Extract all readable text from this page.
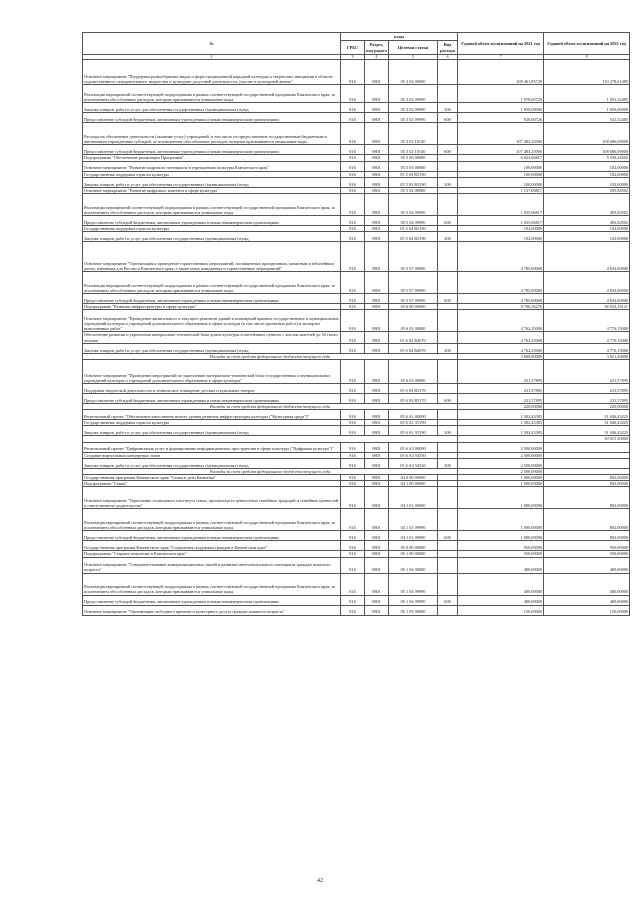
№	коды				Годовой объем ассигнований на 2021 год	Годовой объем ассигнований на 2022 год
	ГРБС	Раздел, под-раздел	Целевая статья	Вид расхода		
2	3	4	5	6	7	8
Основное мероприятие "Поддержка разнообразных видов и форм традиционной народной культуры и творческих инициатив в области художественного самодеятельного творчества и культурно-досуговой деятельности, участие в культурной жизни"	816	0801	05 3 02 00000		109 461,85720	110 278,01485
Реализация мероприятий соответствующей подпрограммы в рамках соответствующей государственной программы Камчатского края, за исключением обособленных расходов, которым присваиваются уникальные коды	816	0801	05 3 02 09990		1 978,60720	1 591,32485
Закупка товаров, работ и услуг для обеспечения государственных (муниципальных) нужд	816	0801	05 3 02 09990	200	1 050,00000	1 050,00000
Предоставление субсидий бюджетным, автономным учреждениям и иным некоммерческим организациям	816	0801	05 3 02 09990	600	928,60720	541,32485
Расходы на обеспечение деятельности (оказание услуг) учреждений, в том числе на предоставление государственным бюджетным и автономным учреждениям субсидий, за исключением обособленных расходов, которым присваиваются уникальные коды	816	0801	05 3 02 10140		107 483,25000	108 686,69000
Предоставление субсидий бюджетным, автономным учреждениям и иным некоммерческим организациям	816	0801	05 3 02 10140	600	107 483,25000	108 686,69000
Подпрограмма "Обеспечение реализации Программы"	816	0801	05 5 00 00000		6 023,06817	5 539,24502
Основное мероприятие "Развитие кадрового потенциала в учреждениях культуры Камчатского края"	816	0801	05 5 03 00000		100,00000	102,00000
Государственная поддержка отрасли культуры	816	0801	05 5 03 R5190		100,00000	102,00000
Закупка товаров, работ и услуг для обеспечения государственных (муниципальных) нужд	816	0801	05 5 03 R5190	200	100,00000	102,00000
Основное мероприятие "Развитие цифрового контента в сфере культуры"	816	0801	05 5 04 00000		1 137,06817	595,84502
Реализация мероприятий соответствующей подпрограммы в рамках соответствующей государственной программы Камчатского края, за исключением обособленных расходов, которым присваиваются уникальные коды	816	0801	05 5 04 09990		1 035,06817	493,84502
Предоставление субсидий бюджетным, автономным учреждениям и иным некоммерческим организациям	816	0801	05 5 04 09990	600	1 035,06817	493,84502
Государственная поддержка отрасли культуры	816	0801	05 5 04 R5190		102,00000	102,00000
Закупка товаров, работ и услуг для обеспечения государственных (муниципальных) нужд	816	0801	05 5 04 R5190	200	102,00000	102,00000
Основное мероприятие "Организация и проведение торжественных мероприятий, посвященных праздничным, памятным и юбилейным датам, значимым для России и Камчатского края, а также иных имиджевых и торжественных мероприятий"	816	0801	05 5 07 00000		4 785,00000	4 843,00000
Реализация мероприятий соответствующей подпрограммы в рамках соответствующей государственной программы Камчатского края, за исключением обособленных расходов, которым присваиваются уникальные коды	816	0801	05 5 07 09990		4 785,00000	4 843,00000
Предоставление субсидий бюджетным, автономным учреждениям и иным некоммерческим организациям	816	0801	05 5 07 09990	600	4 785,00000	4 843,00000
Подпрограмма "Развитие инфраструктуры в сфере культуры"	816	0801	05 6 00 00000		8 796,26276	36 054,16121
Основное мероприятие "Проведение капитального и текущего ремонтов зданий и помещений краевых государственных и муниципальных учреждений культуры и учреждений дополнительного образования в сфере культуры (в том числе проектных работ) и экспертиз выполненных работ"	816	0801	05 6 02 00000		4 762,25000	4 776,15000
Обеспечение развития и укрепления материально-технической базы домов культуры в населенных пунктах с числом жителей до 50 тысяч человек	816	0801	05 6 02 R4670		4 762,25000	4 776,15000
Закупка товаров, работ и услуг для обеспечения государственных (муниципальных) нужд	816	0801	05 6 02 R4670	200	4 762,25000	4 776,15000
Расходы за счет средств федерального бюджета текущего года					3 808,80000	3 821,20000
Основное мероприятие "Проведение мероприятий по укреплению материально-технической базы государственных и муниципальных учреждений культуры и учреждений дополнительного образования в сфере культуры"	816	0801	05 6 03 00000		231,57895	231,57895
Поддержка творческой деятельности и техническое оснащение детских и кукольных театров	816	0801	05 6 03 R5170		231,57895	231,57895
Предоставление субсидий бюджетным, автономным учреждениям и иным некоммерческим организациям	816	0801	05 6 03 R5170	600	231,57895	231,57895
Расходы за счет средств федерального бюджета текущего года					220,00000	220,00000
Региональный проект "Обеспечение качественно нового уровня развития инфраструктуры культуры ("Культурная среда")"	816	0801	05 6 A1 00000		1 302,43383	31 046,43225
Государственная поддержка отрасли культуры	816	0801	05 6 A1 55190		1 302,43383	31 046,43225
Закупка товаров, работ и услуг для обеспечения государственных (муниципальных) нужд	816	0801	05 6 A1 55190	200	1 302,43383	31 046,43225
						30 015,30000
Региональный проект "Цифровизация услуг и формирование информационного пространства в сфере культуры ("Цифровая культура")"	816	0801	05 6 A3 00000		2 500,00000	
Создание виртуальных концертных залов	816	0801	05 6 A3 54530		2 500,00000	
Закупка товаров, работ и услуг для обеспечения государственных (муниципальных) нужд	816	0801	05 6 A3 54530	200	2 500,00000	
Расходы за счет средств федерального бюджета текущего года					2 500,00000	
Государственная программа Камчатского края "Семья и дети Камчатки"	816	0801	04 0 00 00000		1 000,00000	802,00000
Подпрограмма "Семья"	816	0801	04 1 00 00000		1 000,00000	802,00000
Основное мероприятие "Укрепление социального института семьи, пропаганда ее ценностных семейных традиций и семейных ценностей и ответственного родительства"	816	0801	04 1 01 00000		1 000,00000	802,00000
Реализация мероприятий соответствующей подпрограммы в рамках соответствующей государственной программы Камчатского края, за исключением обособленных расходов, которым присваиваются уникальные коды	816	0801	04 1 01 09990		1 000,00000	802,00000
Предоставление субсидий бюджетным, автономным учреждениям и иным некоммерческим организациям	816	0801	04 1 01 09990	600	1 000,00000	802,00000
Государственная программа Камчатского края "Социальная поддержка граждан в Камчатском крае"	816	0801	05 0 00 00000		950,00000	950,00000
Подпрограмма "Старшее поколение в Камчатском крае"	816	0801	05 1 00 00000		550,00000	550,00000
Основное мероприятие "Совершенствование коммуникационных связей и развитие интеллектуального потенциала граждан пожилого возраста"	816	0801	05 1 04 00000		400,00000	400,00000
Реализация мероприятий соответствующей подпрограммы в рамках соответствующей государственной программы Камчатского края, за исключением обособленных расходов, которым присваиваются уникальные коды	816	0801	05 1 04 09990		400,00000	400,00000
Предоставление субсидий бюджетным, автономным учреждениям и иным некоммерческим организациям	816	0801	05 1 04 09990	600	400,00000	400,00000
Основное мероприятие "Организация свободного времени и культурного досуга граждан пожилого возраста"	816	0801	05 1 05 00000		150,00000	150,00000
42
